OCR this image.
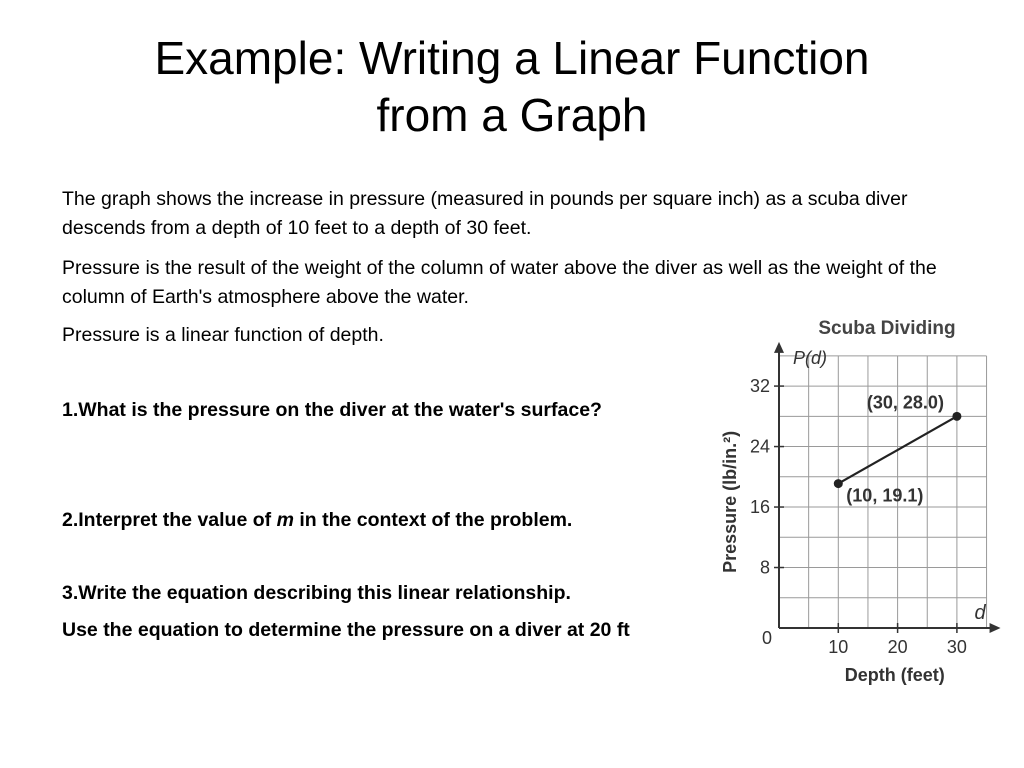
Example: Writing a Linear Function
from a Graph

The graph shows the increase in pressure (measured in pounds per square inch) as a scuba diver descends from a depth of 10 feet to a depth of 30 feet.

Pressure is the result of the weight of the column of water above the diver as well as the weight of the column of Earth's atmosphere above the water.

Pressure is a linear function of depth.

1.What is the pressure on the diver at the water's surface?

2.Interpret the value of m in the context of the problem.

3.Write the equation describing this linear relationship.

Use the equation to determine the pressure on a diver at 20 ft

Scuba Dividing
10 20 30
8
16
24
32
0
Depth (feet)
Pressure (lb/in.²)
P(d)
d
(10, 19.1)
(30, 28.0)
